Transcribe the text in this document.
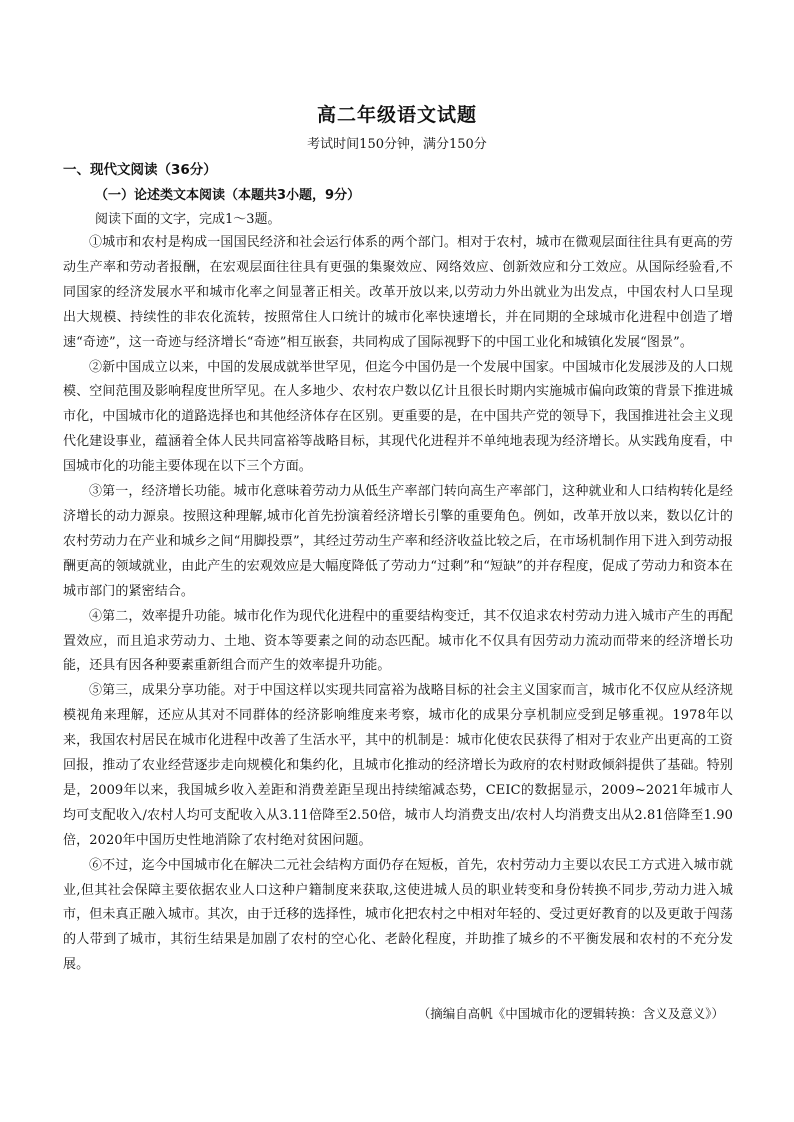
高二年级语文试题
考试时间150分钟，满分150分
一、现代文阅读（36分）
（一）论述类文本阅读（本题共3小题，9分）
阅读下面的文字，完成1～3题。

①城市和农村是构成一国国民经济和社会运行体系的两个部门。相对于农村，城市在微观层面往往具有更高的劳动生产率和劳动者报酬，在宏观层面往往具有更强的集聚效应、网络效应、创新效应和分工效应。从国际经验看,不同国家的经济发展水平和城市化率之间显著正相关。改革开放以来,以劳动力外出就业为出发点，中国农村人口呈现出大规模、持续性的非农化流转，按照常住人口统计的城市化率快速增长，并在同期的全球城市化进程中创造了增速“奇迹”，这一奇迹与经济增长“奇迹”相互嵌套，共同构成了国际视野下的中国工业化和城镇化发展“图景”。

②新中国成立以来，中国的发展成就举世罕见，但迄今中国仍是一个发展中国家。中国城市化发展涉及的人口规模、空间范围及影响程度世所罕见。在人多地少、农村农户数以亿计且很长时期内实施城市偏向政策的背景下推进城市化，中国城市化的道路选择也和其他经济体存在区别。更重要的是，在中国共产党的领导下，我国推进社会主义现代化建设事业，蕴涵着全体人民共同富裕等战略目标，其现代化进程并不单纯地表现为经济增长。从实践角度看，中国城市化的功能主要体现在以下三个方面。

③第一，经济增长功能。城市化意味着劳动力从低生产率部门转向高生产率部门，这种就业和人口结构转化是经济增长的动力源泉。按照这种理解,城市化首先扮演着经济增长引擎的重要角色。例如，改革开放以来，数以亿计的农村劳动力在产业和城乡之间“用脚投票”，其经过劳动生产率和经济收益比较之后，在市场机制作用下进入到劳动报酬更高的领域就业，由此产生的宏观效应是大幅度降低了劳动力“过剩”和“短缺”的并存程度，促成了劳动力和资本在城市部门的紧密结合。

④第二，效率提升功能。城市化作为现代化进程中的重要结构变迁，其不仅追求农村劳动力进入城市产生的再配置效应，而且追求劳动力、土地、资本等要素之间的动态匹配。城市化不仅具有因劳动力流动而带来的经济增长功能，还具有因各种要素重新组合而产生的效率提升功能。

⑤第三，成果分享功能。对于中国这样以实现共同富裕为战略目标的社会主义国家而言，城市化不仅应从经济规模视角来理解，还应从其对不同群体的经济影响维度来考察，城市化的成果分享机制应受到足够重视。1978年以来，我国农村居民在城市化进程中改善了生活水平，其中的机制是：城市化使农民获得了相对于农业产出更高的工资回报，推动了农业经营逐步走向规模化和集约化，且城市化推动的经济增长为政府的农村财政倾斜提供了基础。特别是，2009年以来，我国城乡收入差距和消费差距呈现出持续缩减态势，CEIC的数据显示，2009~2021年城市人均可支配收入/农村人均可支配收入从3.11倍降至2.50倍，城市人均消费支出/农村人均消费支出从2.81倍降至1.90倍，2020年中国历史性地消除了农村绝对贫困问题。

⑥不过，迄今中国城市化在解决二元社会结构方面仍存在短板，首先，农村劳动力主要以农民工方式进入城市就业,但其社会保障主要依据农业人口这种户籍制度来获取,这使进城人员的职业转变和身份转换不同步,劳动力进入城市，但未真正融入城市。其次，由于迁移的选择性，城市化把农村之中相对年轻的、受过更好教育的以及更敢于闯荡的人带到了城市，其衍生结果是加剧了农村的空心化、老龄化程度，并助推了城乡的不平衡发展和农村的不充分发展。

（摘编自高帆《中国城市化的逻辑转换：含义及意义》）
